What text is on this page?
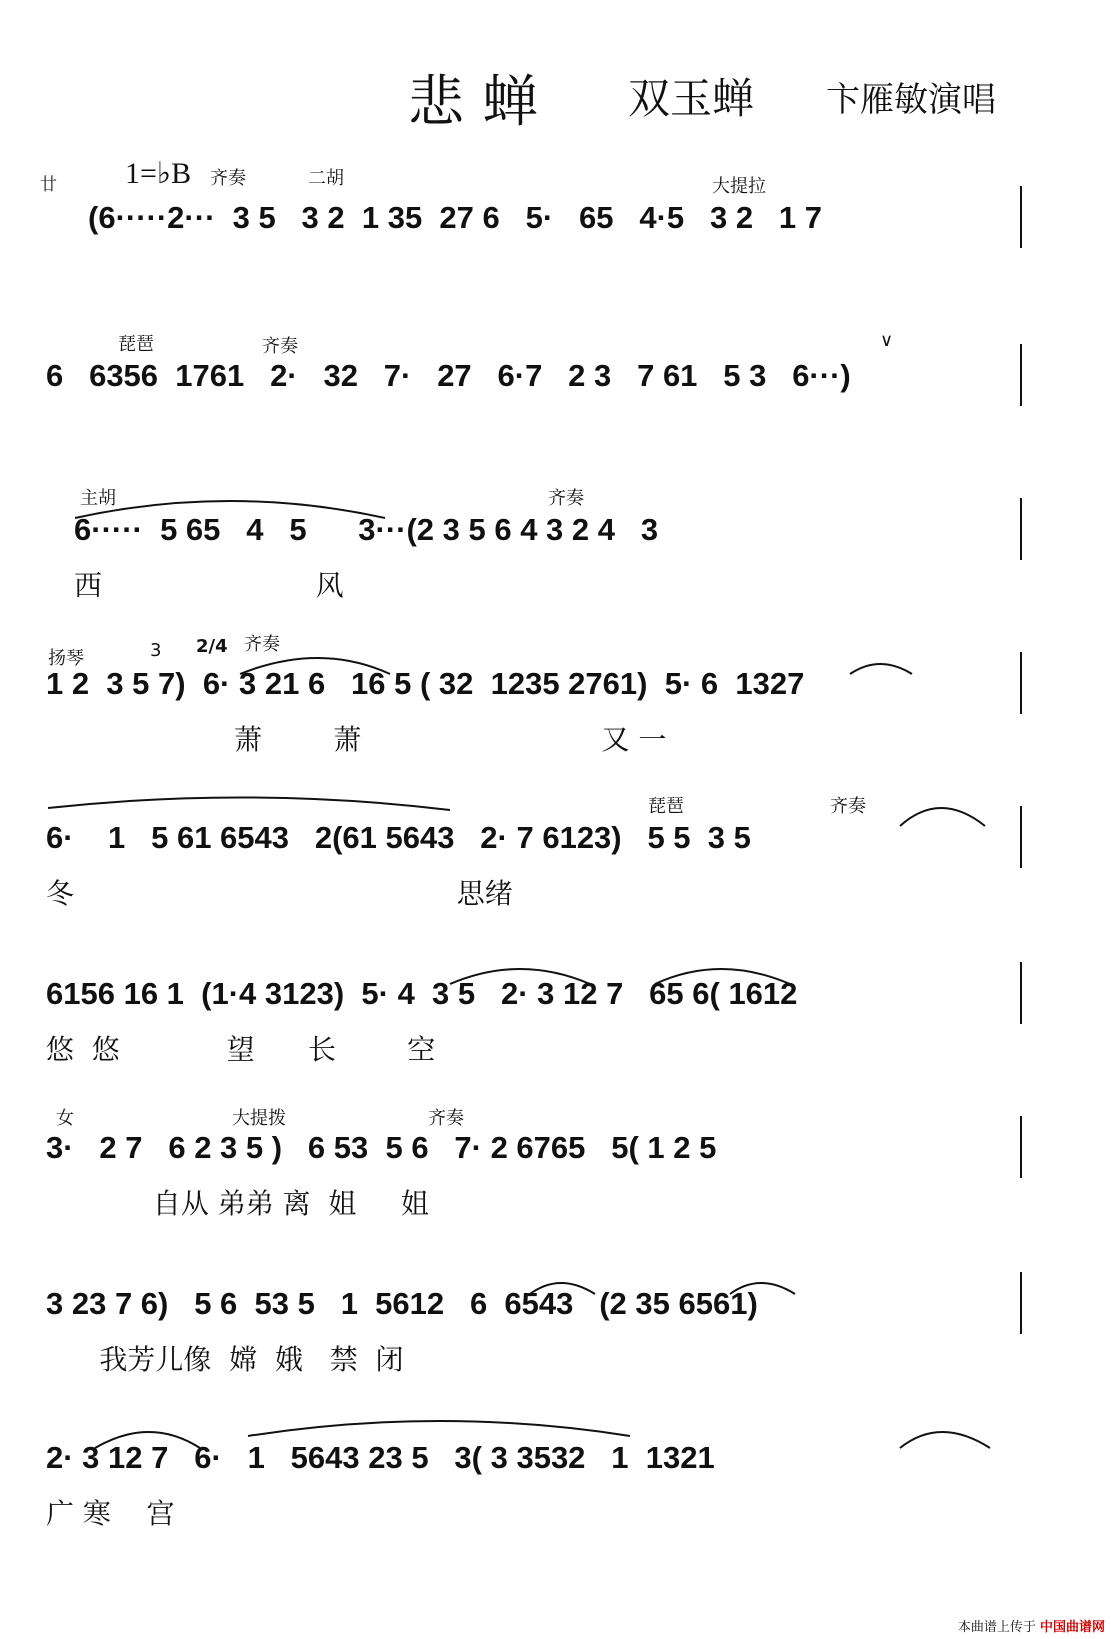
悲蝉 双玉蝉 卞雁敏演唱
廿 1=♭B 齐奏	二胡	大提拉
(6·····2···  3 5   3 2  1 35  27 6   5·   65   4·5   3 2   1 7
琵琶	齐奏	∨
6   6356  1761   2·   32   7·   27   6·7   2 3   7 61   5 3   6···)
主胡	齐奏
6·····  5 65   4   5      3···(2 3 5 6 4 3 2 4   3
西                        风
扬琴	3 2/4 齐奏
1 2  3 5 7)  6· 3 21 6   16 5 ( 32  1235 2761)  5· 6  1327
萧        萧                           又 一
琵琶	齐奏
6·    1   5 61 6543   2(61 5643   2· 7 6123)   5 5  3 5
冬                                           思绪
6156 16 1  (1·4 3123)  5· 4  3 5   2· 3 12 7   65 6( 1612
悠  悠            望      长        空
女	大提拨	齐奏
3·   2 7   6 2 3 5 )   6 53  5 6   7· 2 6765   5( 1 2 5
自从 弟弟 离  姐     姐
3 23 7 6)   5 6  53 5   1  5612   6  6543   (2 35 6561)
我芳儿像  嫦  娥   禁  闭
2· 3 12 7   6·   1   5643 23 5   3( 3 3532   1  1321
广 寒    宫
本曲谱上传于 中国曲谱网
